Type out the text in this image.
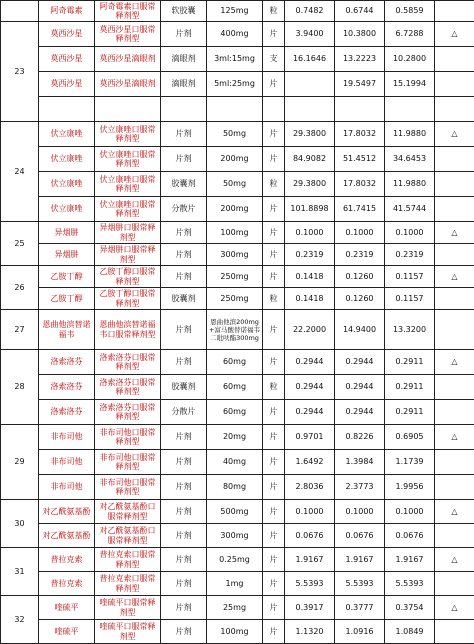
	阿奇霉素	阿奇霉素口服常释剂型	软胶囊	125mg	粒	0.7482	0.6744	0.5859	
23	莫西沙星	莫西沙星口服常释剂型	片剂	400mg	片	3.9400	10.3800	6.7288	△
	莫西沙星	莫西沙星滴眼剂	滴眼剂	3ml:15mg	支	16.1646	13.2223	10.2800	
	莫西沙星	莫西沙星滴眼剂	滴眼剂	5ml:25mg	片		19.5497	15.1994	

24	伏立康唑	伏立康唑口服常释剂型	片剂	50mg	片	29.3800	17.8032	11.9880	△
	伏立康唑	伏立康唑口服常释剂型	片剂	200mg	片	84.9082	51.4512	34.6453	
	伏立康唑	伏立康唑口服常释剂型	胶囊剂	50mg	粒	29.3800	17.8032	11.9880	
	伏立康唑	伏立康唑口服常释剂型	分散片	200mg	片	101.8898	61.7415	41.5744	
25	异烟肼	异烟肼口服常释剂型	片剂	100mg	片	0.1000	0.1000	0.1000	△
	异烟肼	异烟肼口服常释剂型	片剂	300mg	片	0.2319	0.2319	0.2319	
26	乙胺丁醇	乙胺丁醇口服常释剂型	片剂	250mg	片	0.1418	0.1260	0.1157	△
	乙胺丁醇	乙胺丁醇口服常释剂型	胶囊剂	250mg	粒	0.1418	0.1260	0.1157	
27	恩曲他滨替诺福韦	恩曲他滨替诺福韦口服常释剂型	片剂	恩曲他滨200mg+富马酸替诺福韦二吡呋酯300mg	片	22.2000	14.9400	13.3200	
28	洛索洛芬	洛索洛芬口服常释剂型	片剂	60mg	片	0.2944	0.2944	0.2911	△
	洛索洛芬	洛索洛芬口服常释剂型	胶囊剂	60mg	粒	0.2944	0.2944	0.2911	
	洛索洛芬	洛索洛芬口服常释剂型	分散片	60mg	片	0.2944	0.2944	0.2911	
29	非布司他	非布司他口服常释剂型	片剂	20mg	片	0.9701	0.8226	0.6905	△
	非布司他	非布司他口服常释剂型	片剂	40mg	片	1.6492	1.3984	1.1739	
	非布司他	非布司他口服常释剂型	片剂	80mg	片	2.8036	2.3773	1.9956	
30	对乙酰氨基酚	对乙酰氨基酚口服常释剂型	片剂	500mg	片	0.1000	0.1000	0.1000	△
	对乙酰氨基酚	对乙酰氨基酚口服常释剂型	片剂	300mg	片	0.0676	0.0676	0.0676	
31	普拉克索	普拉克索口服常释剂型	片剂	0.25mg	片	1.9167	1.9167	1.9167	△
	普拉克索	普拉克索口服常释剂型	片剂	1mg	片	5.5393	5.5393	5.5393	
32	喹硫平	喹硫平口服常释剂型	片剂	25mg	片	0.3917	0.3777	0.3754	△
	喹硫平	喹硫平口服常释剂型	片剂	100mg	片	1.1320	1.0916	1.0849	
